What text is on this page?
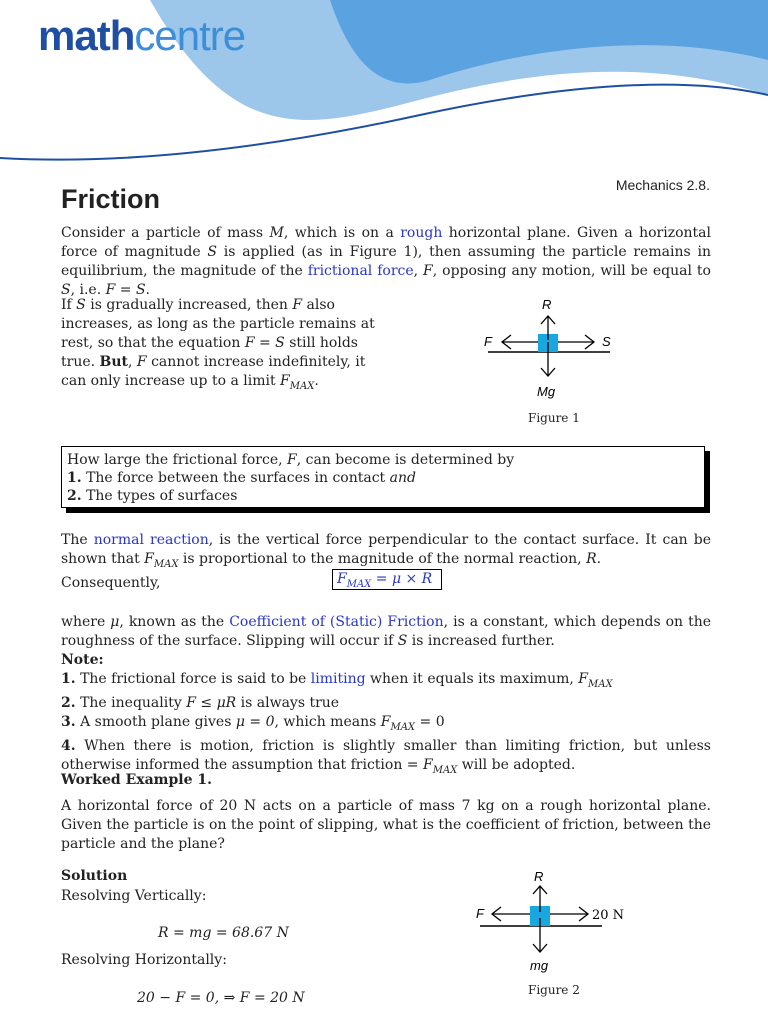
mathcentre
Mechanics 2.8.
Friction

Consider a particle of mass M, which is on a rough horizontal plane. Given a horizontal force of magnitude S is applied (as in Figure 1), then assuming the particle remains in equilibrium, the magnitude of the frictional force, F, opposing any motion, will be equal to S, i.e. F = S.

If S is gradually increased, then F also increases, as long as the particle remains at rest, so that the equation F = S still holds true. But, F cannot increase indefinitely, it can only increase up to a limit $F_{MAX}$.

R
F	S
Mg
Figure 1
How large the frictional force, F, can become is determined by
1. The force between the surfaces in contact and
2. The types of surfaces

The normal reaction, is the vertical force perpendicular to the contact surface. It can be shown that $F_{MAX}$ is proportional to the magnitude of the normal reaction, R.
Consequently,	$F_{MAX} = \mu \times R$

where μ, known as the Coefficient of (Static) Friction, is a constant, which depends on the roughness of the surface. Slipping will occur if S is increased further.

Note:
1. The frictional force is said to be limiting when it equals its maximum, $F_{MAX}$
2. The inequality F ≤ μR is always true
3. A smooth plane gives μ = 0, which means $F_{MAX} = 0$
4. When there is motion, friction is slightly smaller than limiting friction, but unless otherwise informed the assumption that friction = $F_{MAX}$ will be adopted.
Worked Example 1.

A horizontal force of 20 N acts on a particle of mass 7 kg on a rough horizontal plane. Given the particle is on the point of slipping, what is the coefficient of friction, between the particle and the plane?

Solution
Resolving Vertically:
R = mg = 68.67 N
Resolving Horizontally:
20 − F = 0, ⇒ F = 20 N
R
F	20 N
mg
Figure 2
